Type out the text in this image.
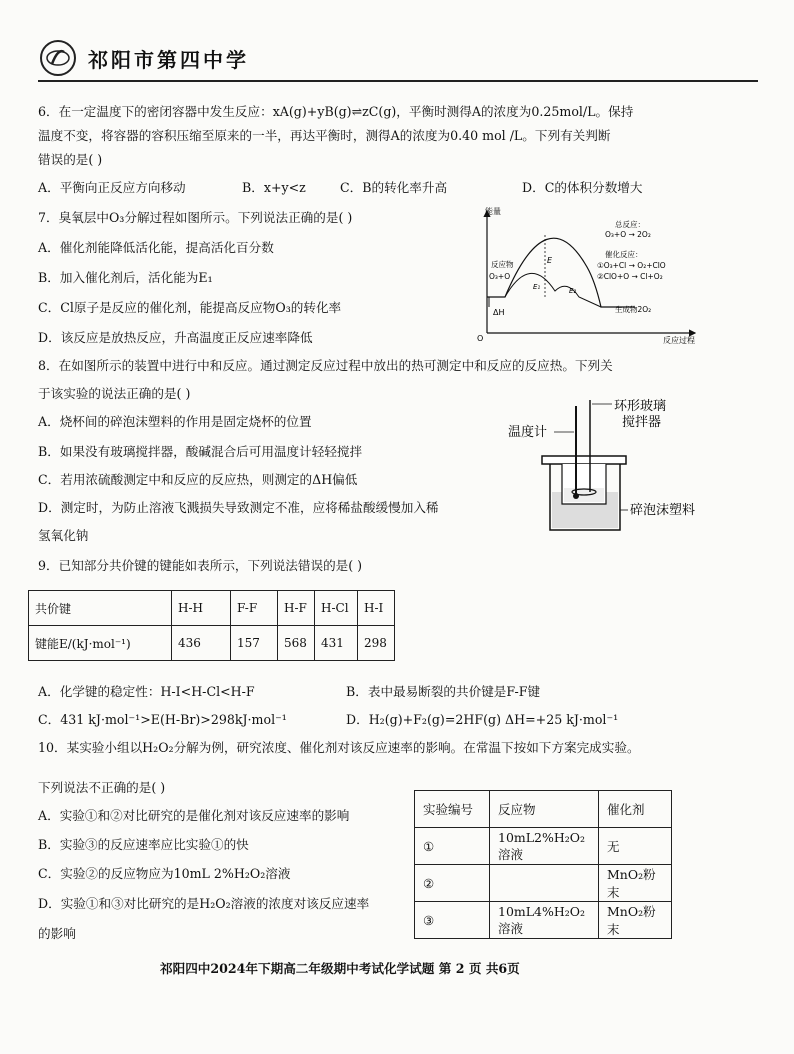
祁阳市第四中学
6．在一定温度下的密闭容器中发生反应：xA(g)+yB(g)⇌zC(g)，平衡时测得A的浓度为0.25mol/L。保持
温度不变，将容器的容积压缩至原来的一半，再达平衡时，测得A的浓度为0.40 mol /L。下列有关判断
错误的是( )
A．平衡向正反应方向移动	B．x+y<z	C．B的转化率升高	D．C的体积分数增大
7．臭氧层中O₃分解过程如图所示。下列说法正确的是( )
A．催化剂能降低活化能，提高活化百分数
B．加入催化剂后，活化能为E₁
C．Cl原子是反应的催化剂，能提高反应物O₃的转化率
D．该反应是放热反应，升高温度正反应速率降低
能量
O	反应过程
ΔH
E
E₁	E₂
反应物
O₃+O
总反应：
O₃+O → 2O₂
催化反应：
①O₃+Cl → O₂+ClO
②ClO+O → Cl+O₂
生成物2O₂
8．在如图所示的装置中进行中和反应。通过测定反应过程中放出的热可测定中和反应的反应热。下列关
于该实验的说法正确的是( )
A．烧杯间的碎泡沫塑料的作用是固定烧杯的位置
B．如果没有玻璃搅拌器，酸碱混合后可用温度计轻轻搅拌
C．若用浓硫酸测定中和反应的反应热，则测定的ΔH偏低
D．测定时，为防止溶液飞溅损失导致测定不准，应将稀盐酸缓慢加入稀
氢氧化钠
温度计
环形玻璃
搅拌器
碎泡沫塑料
9．已知部分共价键的键能如表所示，下列说法错误的是( )
共价键	H-H	F-F	H-F	H-Cl	H-I
键能E/(kJ·mol⁻¹)	436	157	568	431	298
A．化学键的稳定性：H-I<H-Cl<H-F	B．表中最易断裂的共价键是F-F键
C．431 kJ·mol⁻¹>E(H-Br)>298kJ·mol⁻¹	D．H₂(g)+F₂(g)=2HF(g) ΔH=+25 kJ·mol⁻¹
10．某实验小组以H₂O₂分解为例，研究浓度、催化剂对该反应速率的影响。在常温下按如下方案完成实验。
下列说法不正确的是( )
A．实验①和②对比研究的是催化剂对该反应速率的影响
B．实验③的反应速率应比实验①的快
C．实验②的反应物应为10mL 2%H₂O₂溶液
D．实验①和③对比研究的是H₂O₂溶液的浓度对该反应速率
的影响
实验编号	反应物	催化剂
①	10mL2%H₂O₂溶液	无
②		MnO₂粉末
③	10mL4%H₂O₂溶液	MnO₂粉末
祁阳四中2024年下期高二年级期中考试化学试题 第 2 页 共6页
